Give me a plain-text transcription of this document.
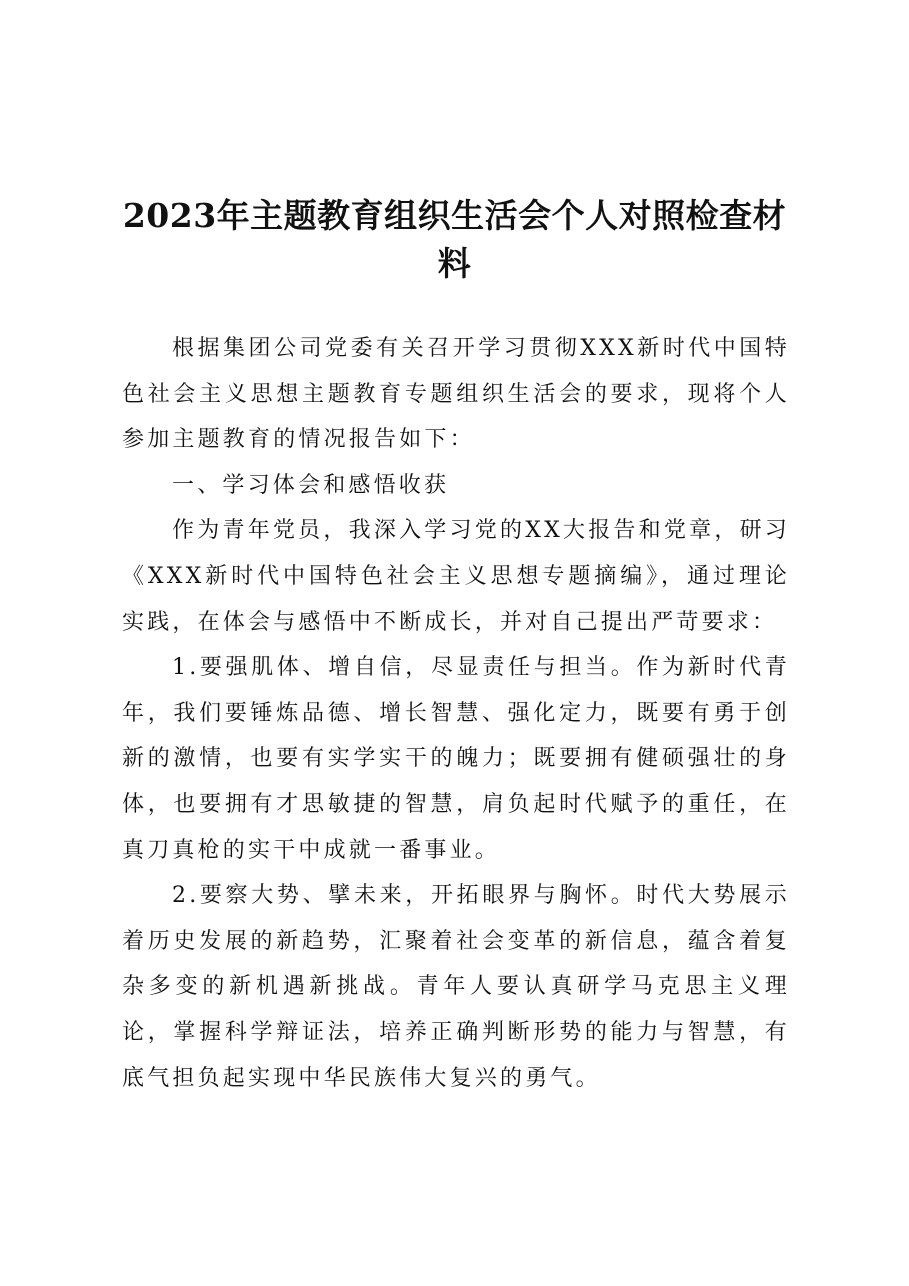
2023年主题教育组织生活会个人对照检查材料

根据集团公司党委有关召开学习贯彻XXX新时代中国特色社会主义思想主题教育专题组织生活会的要求，现将个人参加主题教育的情况报告如下：

一、学习体会和感悟收获

作为青年党员，我深入学习党的XX大报告和党章，研习《XXX新时代中国特色社会主义思想专题摘编》，通过理论实践，在体会与感悟中不断成长，并对自己提出严苛要求：

1.要强肌体、增自信，尽显责任与担当。作为新时代青年，我们要锤炼品德、增长智慧、强化定力，既要有勇于创新的激情，也要有实学实干的魄力；既要拥有健硕强壮的身体，也要拥有才思敏捷的智慧，肩负起时代赋予的重任，在真刀真枪的实干中成就一番事业。

2.要察大势、擘未来，开拓眼界与胸怀。时代大势展示着历史发展的新趋势，汇聚着社会变革的新信息，蕴含着复杂多变的新机遇新挑战。青年人要认真研学马克思主义理论，掌握科学辩证法，培养正确判断形势的能力与智慧，有底气担负起实现中华民族伟大复兴的勇气。
